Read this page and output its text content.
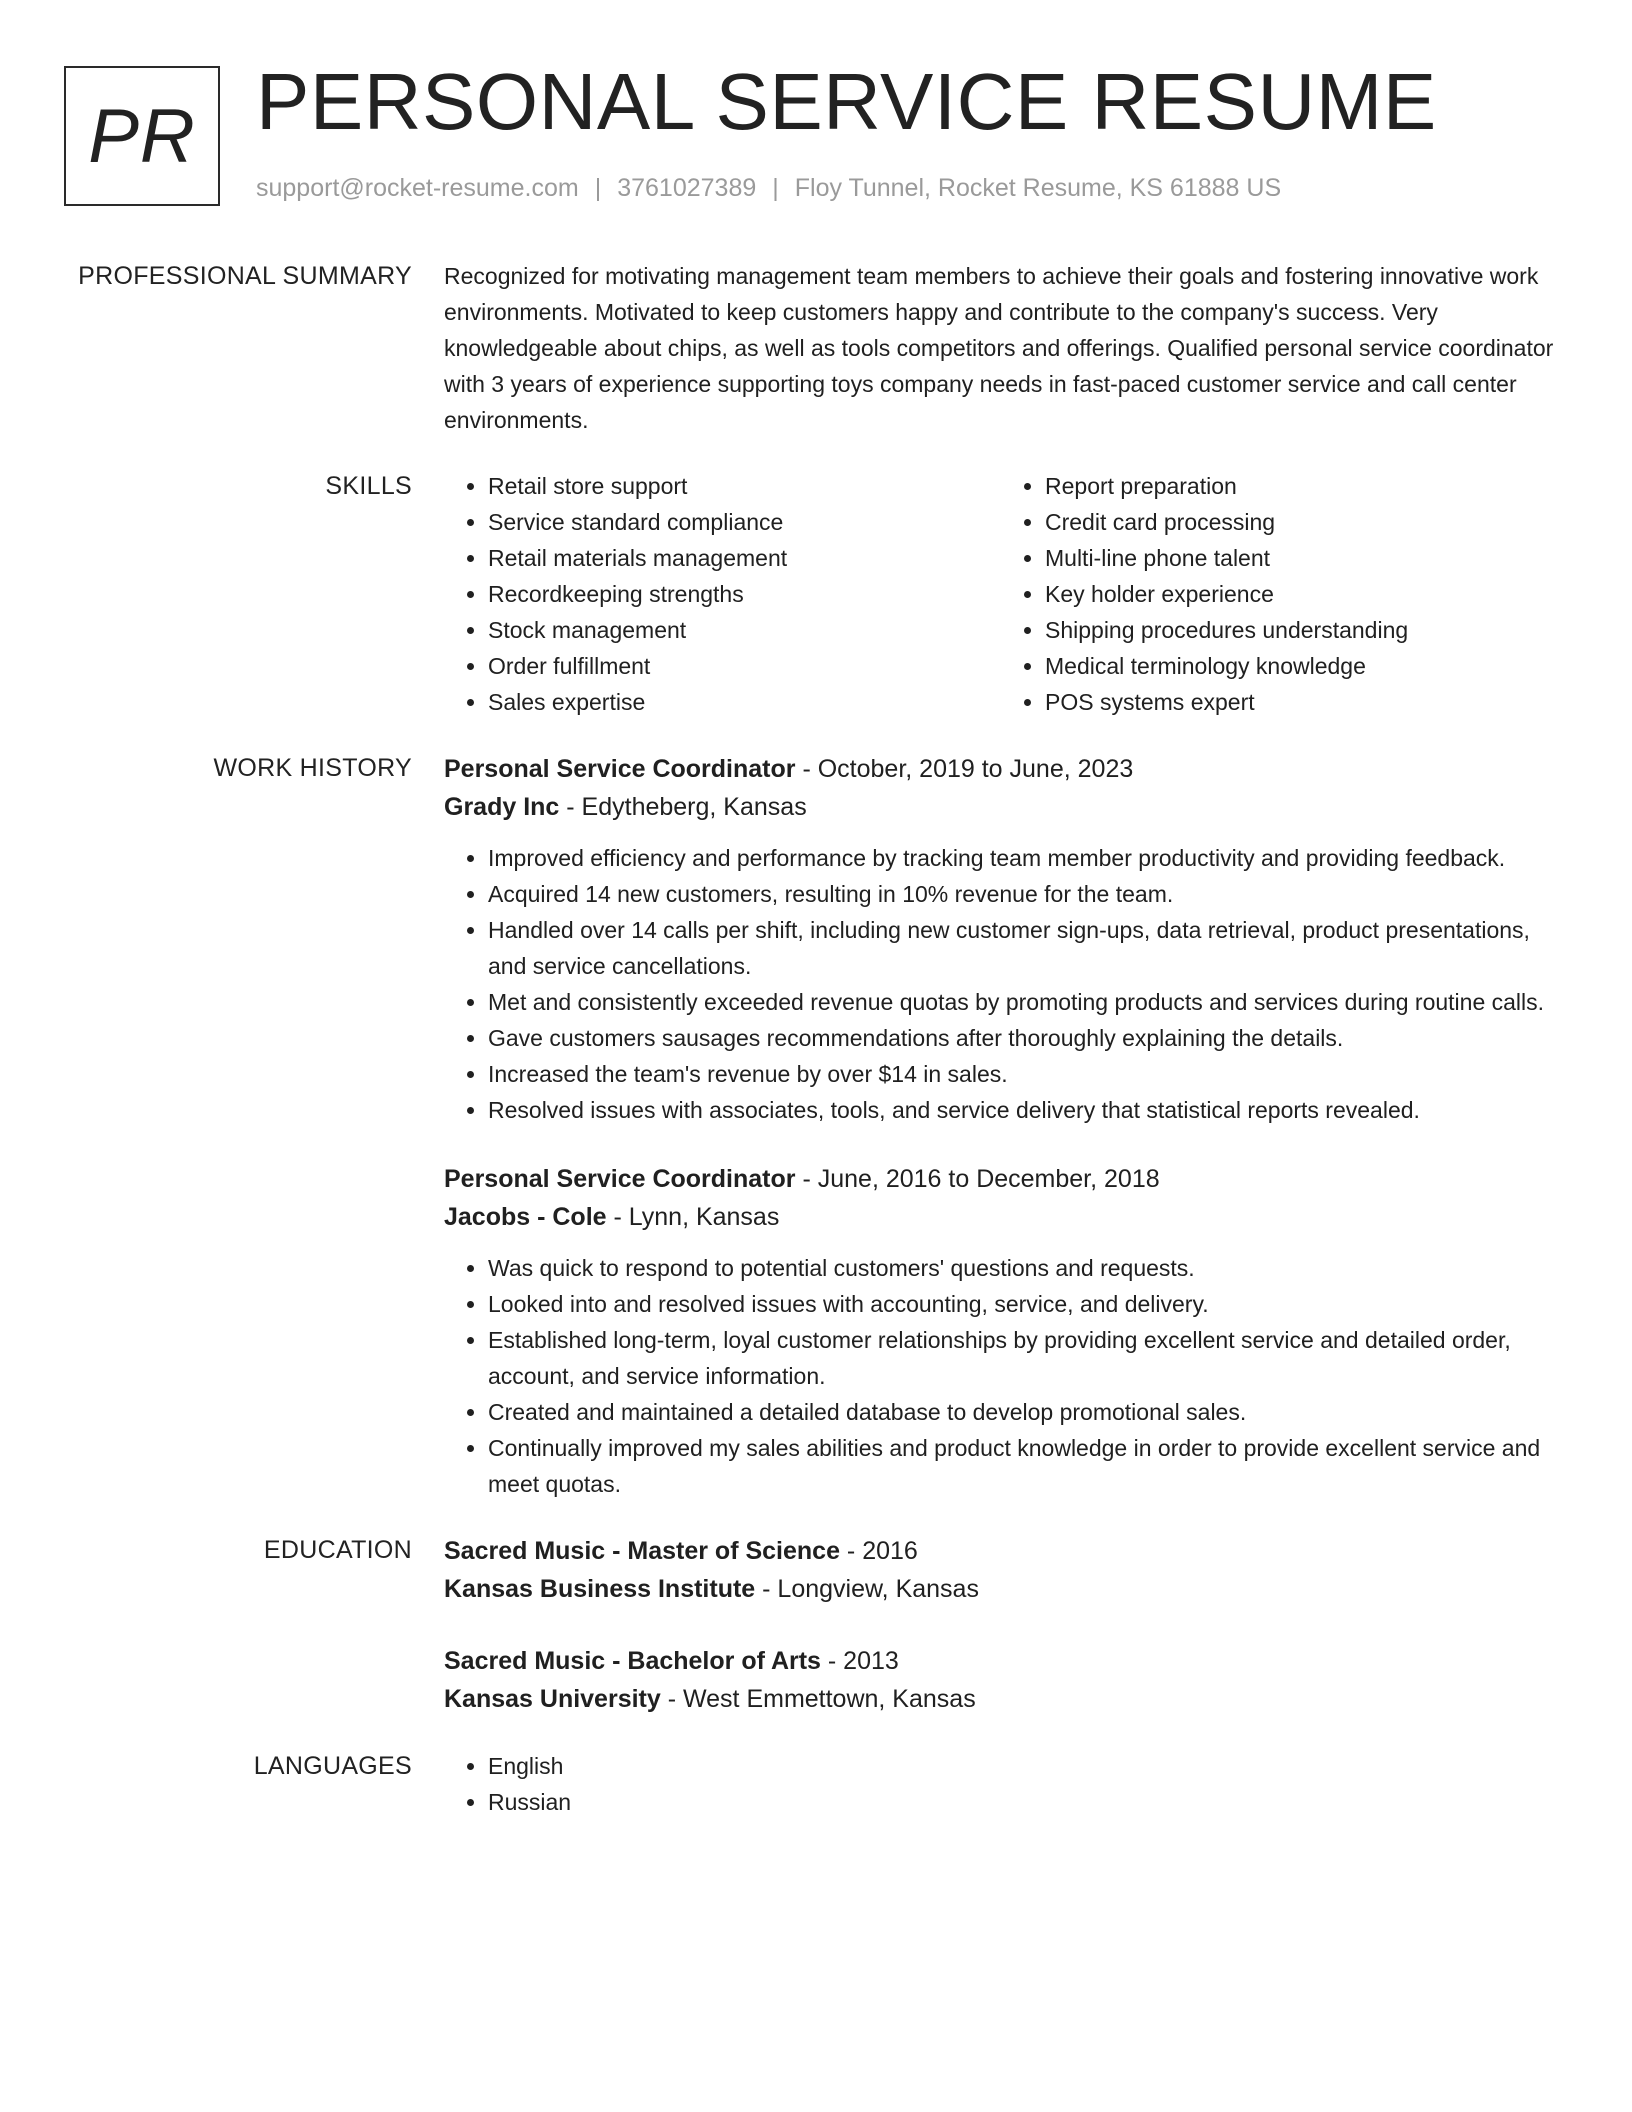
PR PERSONAL SERVICE RESUME
support@rocket-resume.com | 3761027389 | Floy Tunnel, Rocket Resume, KS 61888 US
PROFESSIONAL SUMMARY Recognized for motivating management team members to achieve their goals and fostering innovative work environments. Motivated to keep customers happy and contribute to the company's success. Very knowledgeable about chips, as well as tools competitors and offerings. Qualified personal service coordinator with 3 years of experience supporting toys company needs in fast-paced customer service and call center environments.
SKILLS	• Retail store support
• Service standard compliance
• Retail materials management
• Recordkeeping strengths
• Stock management
• Order fulfillment
• Sales expertise
• Report preparation
• Credit card processing
• Multi-line phone talent
• Key holder experience
• Shipping procedures understanding
• Medical terminology knowledge
• POS systems expert
WORK HISTORY Personal Service Coordinator - October, 2019 to June, 2023
Grady Inc - Edytheberg, Kansas
• Improved efficiency and performance by tracking team member productivity and providing feedback.
• Acquired 14 new customers, resulting in 10% revenue for the team.
• Handled over 14 calls per shift, including new customer sign-ups, data retrieval, product presentations, and service cancellations.
• Met and consistently exceeded revenue quotas by promoting products and services during routine calls.
• Gave customers sausages recommendations after thoroughly explaining the details.
• Increased the team's revenue by over $14 in sales.
• Resolved issues with associates, tools, and service delivery that statistical reports revealed.
Personal Service Coordinator - June, 2016 to December, 2018
Jacobs - Cole - Lynn, Kansas
• Was quick to respond to potential customers' questions and requests.
• Looked into and resolved issues with accounting, service, and delivery.
• Established long-term, loyal customer relationships by providing excellent service and detailed order, account, and service information.
• Created and maintained a detailed database to develop promotional sales.
• Continually improved my sales abilities and product knowledge in order to provide excellent service and meet quotas.
EDUCATION Sacred Music - Master of Science - 2016
Kansas Business Institute - Longview, Kansas
Sacred Music - Bachelor of Arts - 2013
Kansas University - West Emmettown, Kansas
LANGUAGES	• English
• Russian
